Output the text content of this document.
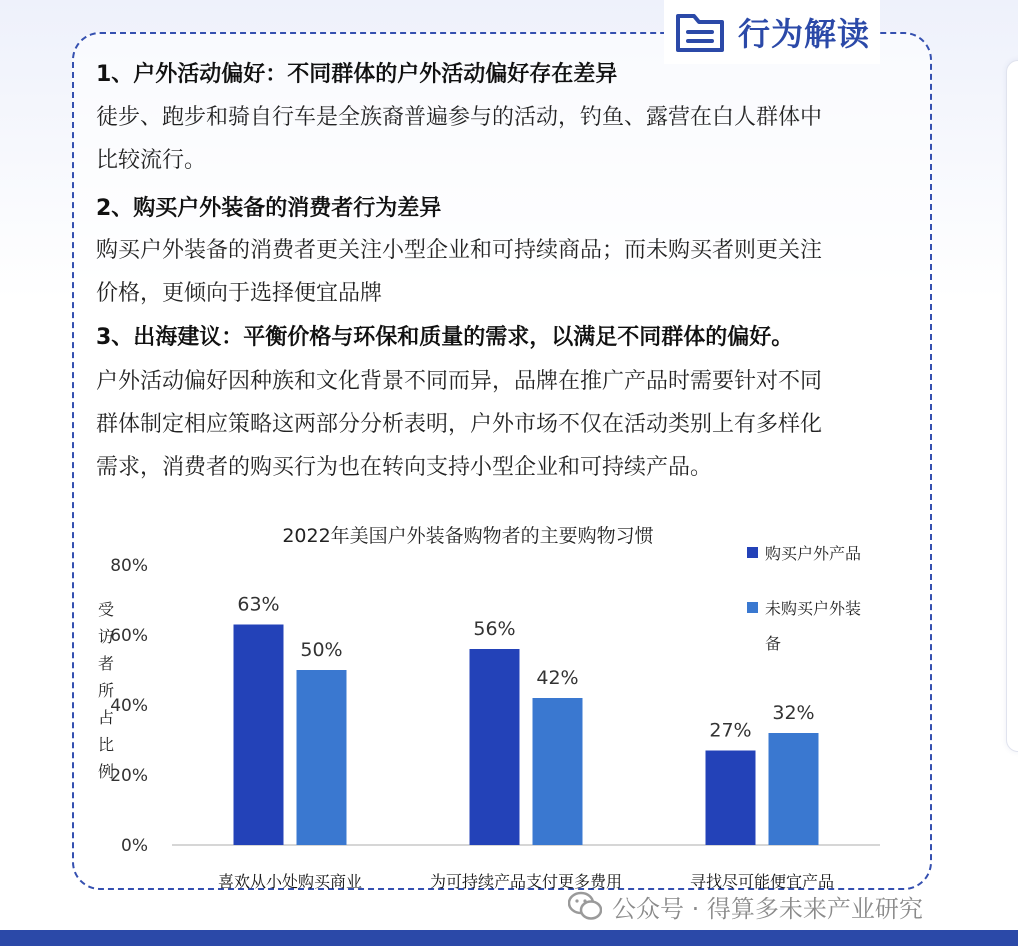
行为解读
1、户外活动偏好：不同群体的户外活动偏好存在差异
徒步、跑步和骑自行车是全族裔普遍参与的活动，钓鱼、露营在白人群体中
比较流行。
2、购买户外装备的消费者行为差异
购买户外装备的消费者更关注小型企业和可持续商品；而未购买者则更关注
价格，更倾向于选择便宜品牌
3、出海建议：平衡价格与环保和质量的需求，以满足不同群体的偏好。
户外活动偏好因种族和文化背景不同而异，品牌在推广产品时需要针对不同
群体制定相应策略这两部分分析表明，户外市场不仅在活动类别上有多样化
需求，消费者的购买行为也在转向支持小型企业和可持续产品。
2022年美国户外装备购物者的主要购物习惯
0%
20%
40%
60%
80%
受访者所占比例
63%
50%
喜欢从小处购买商业
56%
42%
为可持续产品支付更多费用
27%
32%
寻找尽可能便宜产品
购买户外产品
未购买户外装
备
公众号 · 得算多未来产业研究
